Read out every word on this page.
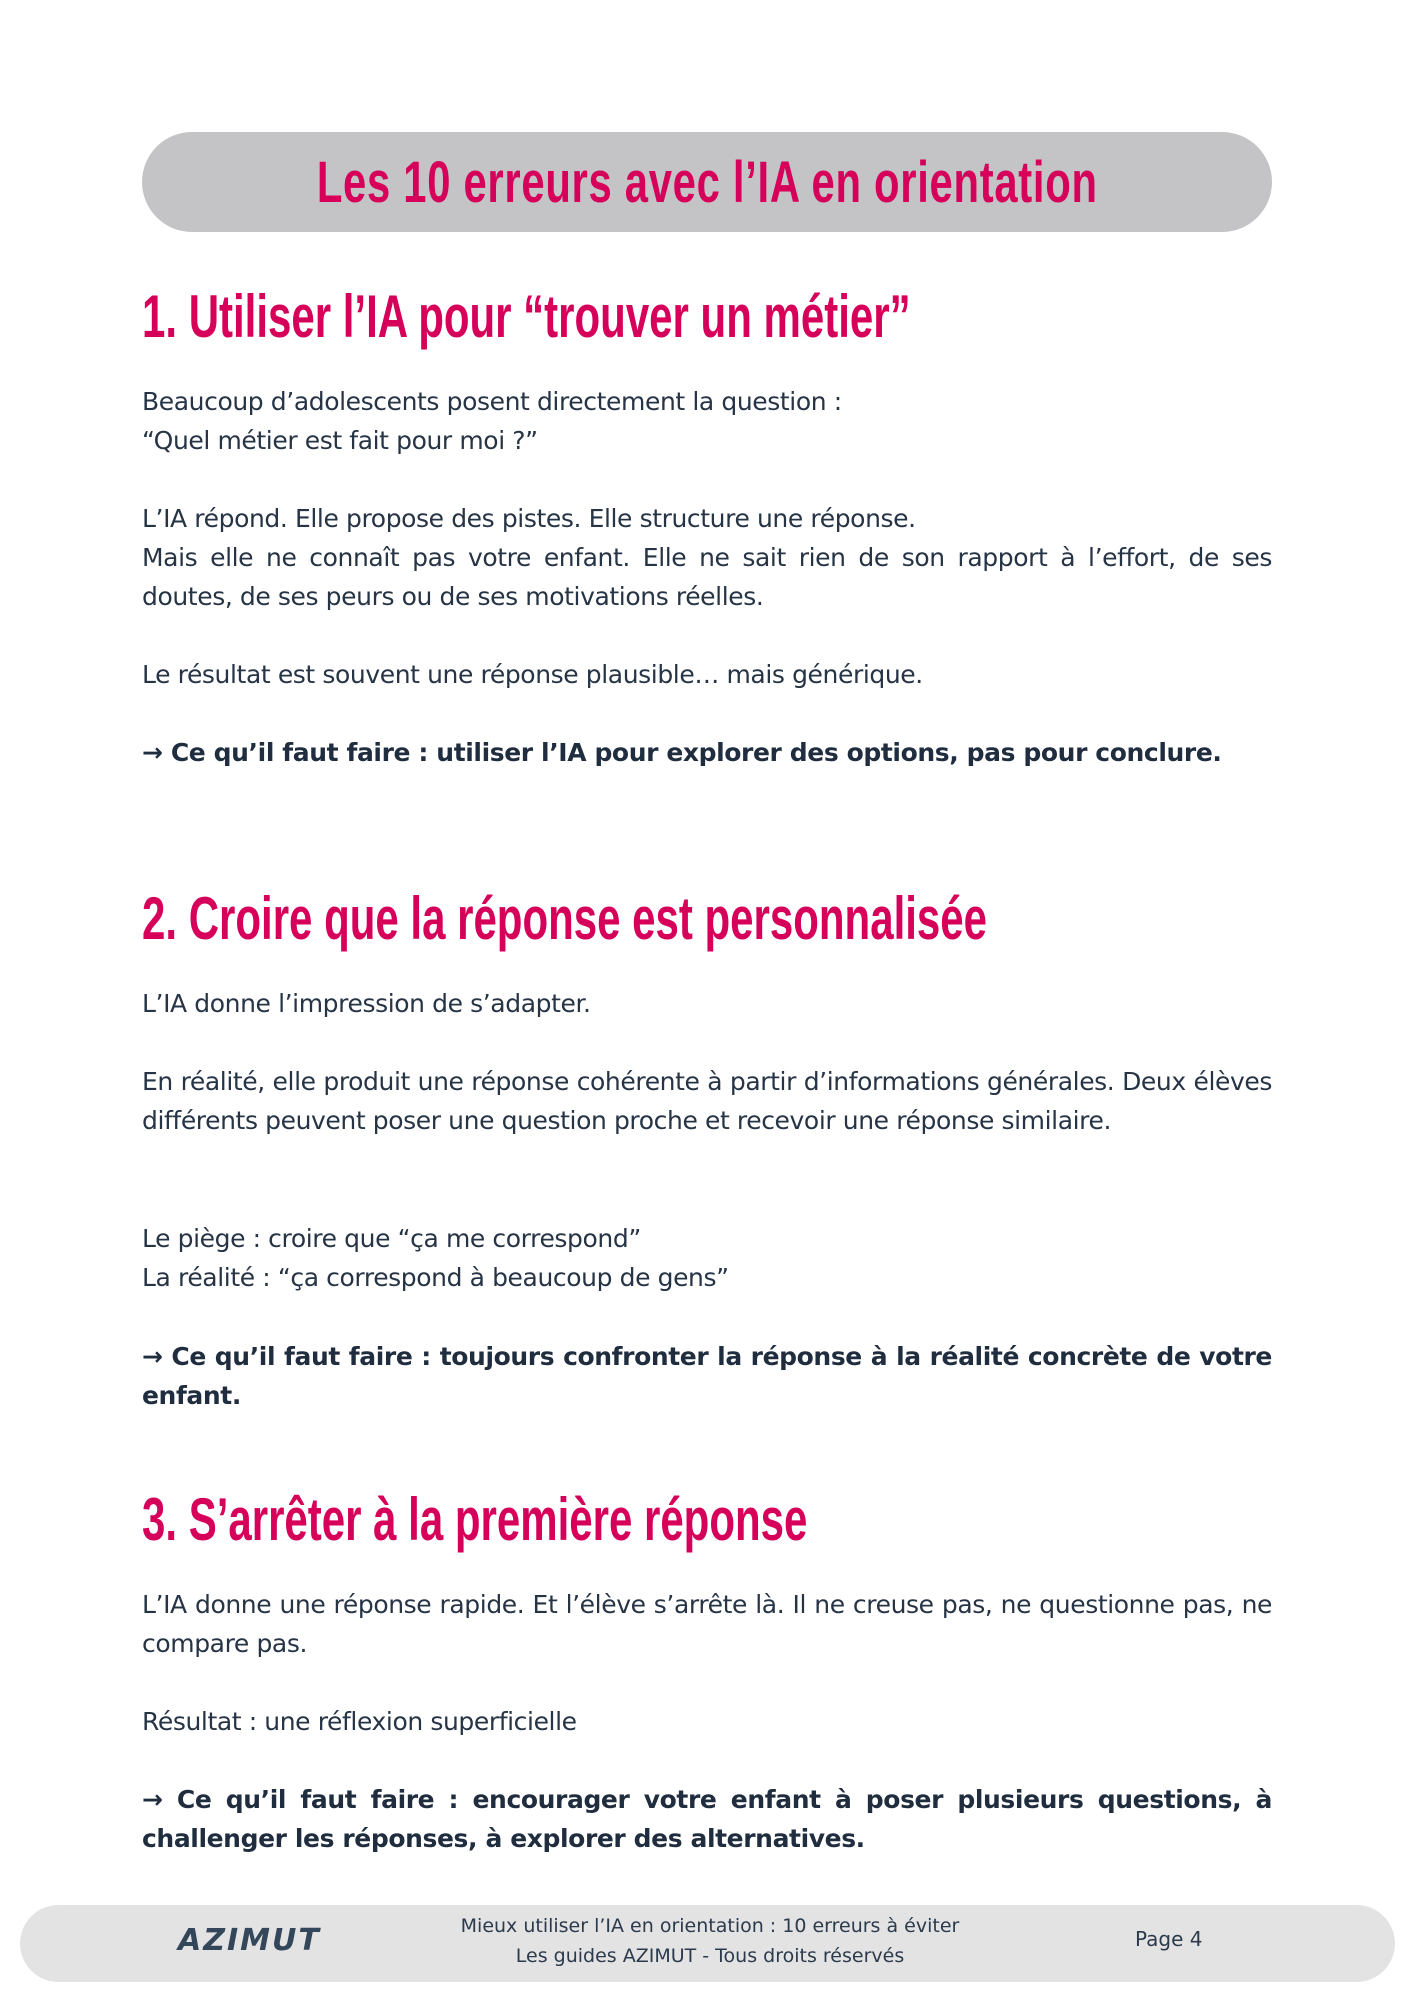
Les 10 erreurs avec l’IA en orientation
1. Utiliser l’IA pour “trouver un métier”

Beaucoup d’adolescents posent directement la question :
“Quel métier est fait pour moi ?”

L’IA répond. Elle propose des pistes. Elle structure une réponse.
Mais elle ne connaît pas votre enfant. Elle ne sait rien de son rapport à l’effort, de ses doutes, de ses peurs ou de ses motivations réelles.

Le résultat est souvent une réponse plausible… mais générique.

→ Ce qu’il faut faire : utiliser l’IA pour explorer des options, pas pour conclure.

2. Croire que la réponse est personnalisée

L’IA donne l’impression de s’adapter.

En réalité, elle produit une réponse cohérente à partir d’informations générales. Deux élèves différents peuvent poser une question proche et recevoir une réponse similaire.

Le piège : croire que “ça me correspond”
La réalité : “ça correspond à beaucoup de gens”

→ Ce qu’il faut faire : toujours confronter la réponse à la réalité concrète de votre enfant.

3. S’arrêter à la première réponse

L’IA donne une réponse rapide. Et l’élève s’arrête là. Il ne creuse pas, ne questionne pas, ne compare pas.

Résultat : une réflexion superficielle

→ Ce qu’il faut faire : encourager votre enfant à poser plusieurs questions, à challenger les réponses, à explorer des alternatives.

AZIMUT	Mieux utiliser l’IA en orientation : 10 erreurs à éviter
Les guides AZIMUT - Tous droits réservés
Page 4
